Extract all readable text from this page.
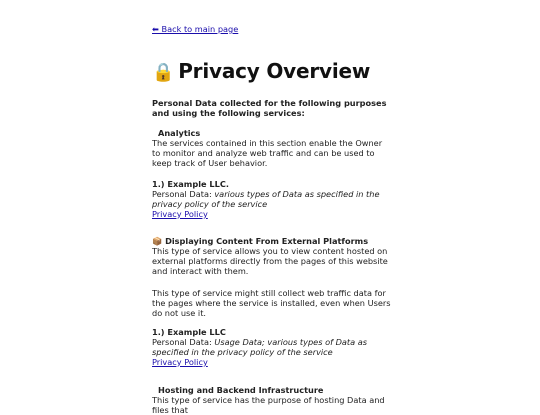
⬅ Back to main page
🔒 Privacy Overview

Personal Data collected for the following purposes and using the following services:

Analytics

The services contained in this section enable the Owner to monitor and analyze web traffic and can be used to keep track of User behavior.

1.) Example LLC.

Personal Data: various types of Data as specified in the privacy policy of the service

Privacy Policy
📦 Displaying Content From External Platforms

This type of service allows you to view content hosted on external platforms directly from the pages of this website and interact with them.

This type of service might still collect web traffic data for the pages where the service is installed, even when Users do not use it.

1.) Example LLC

Personal Data: Usage Data; various types of Data as specified in the privacy policy of the service

Privacy Policy
Hosting and Backend Infrastructure

This type of service has the purpose of hosting Data and files that
